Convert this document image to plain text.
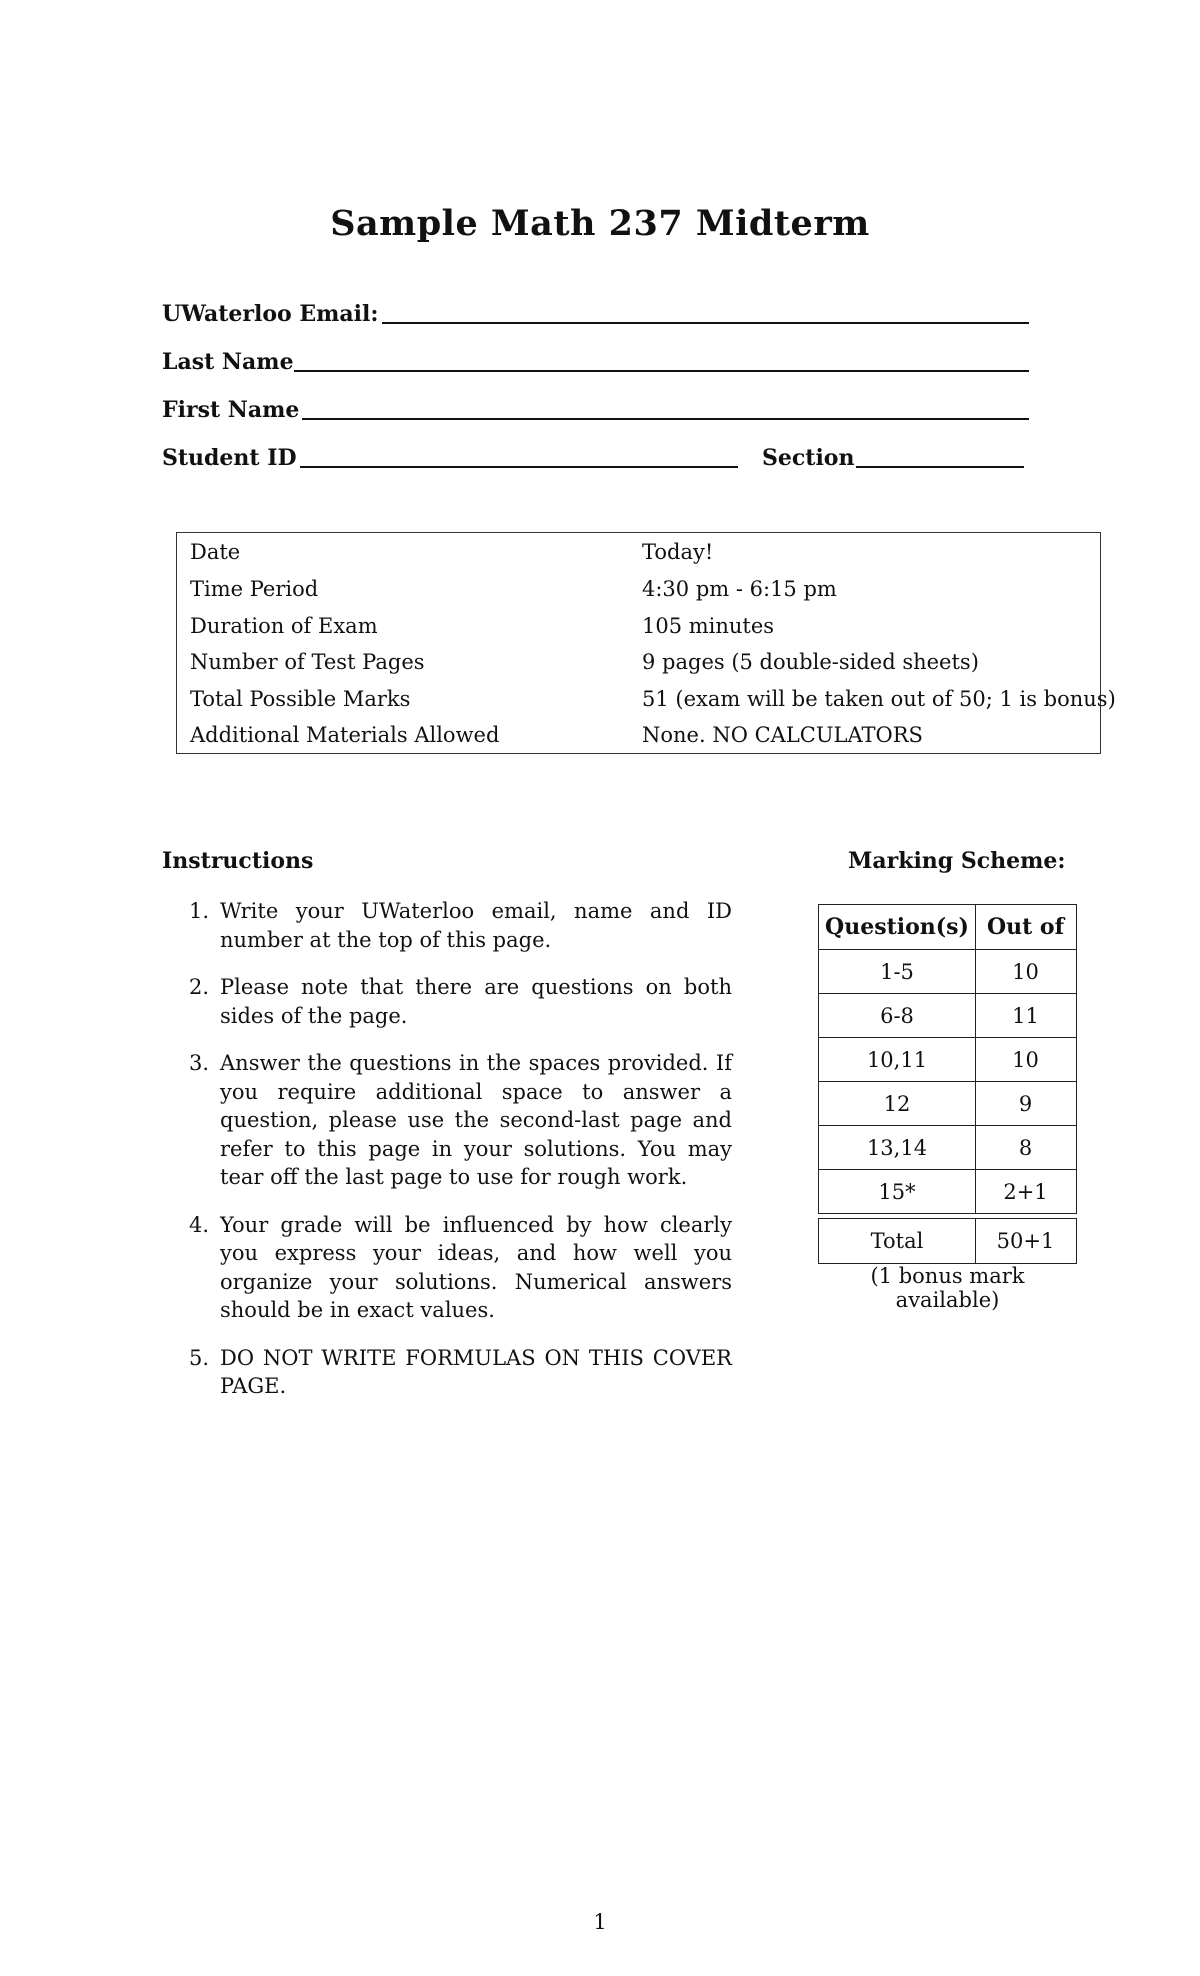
Sample Math 237 Midterm
UWaterloo Email:
Last Name
First Name
Student ID	Section
Date	Today!
Time Period	4:30 pm - 6:15 pm
Duration of Exam	105 minutes
Number of Test Pages	9 pages (5 double-sided sheets)
Total Possible Marks	51 (exam will be taken out of 50; 1 is bonus)
Additional Materials Allowed	None. NO CALCULATORS
Instructions
1. Write your UWaterloo email, name and ID number at the top of this page.
2. Please note that there are questions on both sides of the page.
3. Answer the questions in the spaces provided. If you require additional space to answer a question, please use the second-last page and refer to this page in your solutions. You may tear off the last page to use for rough work.
4. Your grade will be influenced by how clearly you express your ideas, and how well you organize your solutions. Numerical answers should be in exact values.
5. DO NOT WRITE FORMULAS ON THIS COVER PAGE.
Marking Scheme:
Question(s) Out of
1-5	10
6-8	11
10,11	10
12	9
13,14	8
15*	2+1
Total	50+1
(1 bonus mark available)
1
